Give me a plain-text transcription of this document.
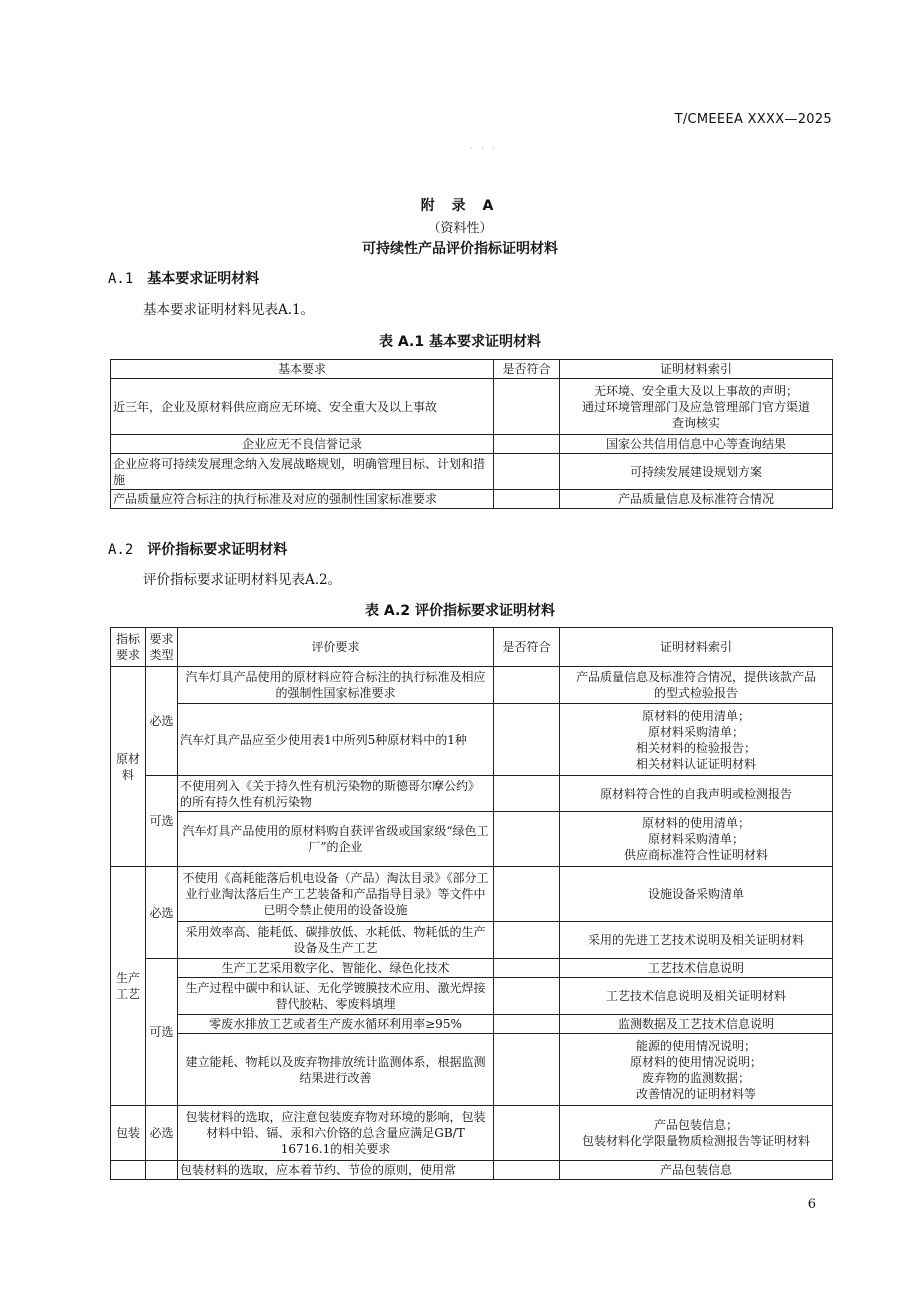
T/CMEEEA XXXX—2025
· · ·
附 录 A
（资料性）
可持续性产品评价指标证明材料
A.1 基本要求证明材料
基本要求证明材料见表A.1。
表 A.1 基本要求证明材料
基本要求	是否符合	证明材料索引
近三年，企业及原材料供应商应无环境、安全重大及以上事故		无环境、安全重大及以上事故的声明；
通过环境管理部门及应急管理部门官方渠道
查询核实

企业应无不良信誉记录		国家公共信用信息中心等查询结果
企业应将可持续发展理念纳入发展战略规划，明确管理目标、计划和措施		可持续发展建设规划方案
产品质量应符合标注的执行标准及对应的强制性国家标准要求		产品质量信息及标准符合情况
A.2 评价指标要求证明材料
评价指标要求证明材料见表A.2。
表 A.2 评价指标要求证明材料
指标要求	要求类型	评价要求	是否符合	证明材料索引
原材料	必选	汽车灯具产品使用的原材料应符合标注的执行标准及相应的强制性国家标准要求		产品质量信息及标准符合情况，提供该款产品
的型式检验报告

		汽车灯具产品应至少使用表1中所列5种原材料中的1种		原材料的使用清单；
原材料采购清单；
相关材料的检验报告；
相关材料认证证明材料

	可选	不使用列入《关于持久性有机污染物的斯德哥尔摩公约》的所有持久性有机污染物		原材料符合性的自我声明或检测报告
		汽车灯具产品使用的原材料购自获评省级或国家级“绿色工厂”的企业		原材料的使用清单；
原材料采购清单；
供应商标准符合性证明材料

生产工艺	必选	不使用《高耗能落后机电设备（产品）淘汰目录》《部分工业行业淘汰落后生产工艺装备和产品指导目录》等文件中已明令禁止使用的设备设施		设施设备采购清单
		采用效率高、能耗低、碳排放低、水耗低、物耗低的生产设备及生产工艺		采用的先进工艺技术说明及相关证明材料
	可选	生产工艺采用数字化、智能化、绿色化技术		工艺技术信息说明
		生产过程中碳中和认证、无化学镀膜技术应用、激光焊接替代胶粘、零废料填埋		工艺技术信息说明及相关证明材料
		零废水排放工艺或者生产废水循环利用率≥95%		监测数据及工艺技术信息说明
		建立能耗、物耗以及废弃物排放统计监测体系，根据监测结果进行改善		能源的使用情况说明；
原材料的使用情况说明；
废弃物的监测数据；
改善情况的证明材料等

包装	必选	包装材料的选取，应注意包装废弃物对环境的影响，包装材料中铅、镉、汞和六价铬的总含量应满足GB/T 16716.1的相关要求		产品包装信息；
包装材料化学限量物质检测报告等证明材料

		包装材料的选取，应本着节约、节俭的原则，使用常		产品包装信息
6
